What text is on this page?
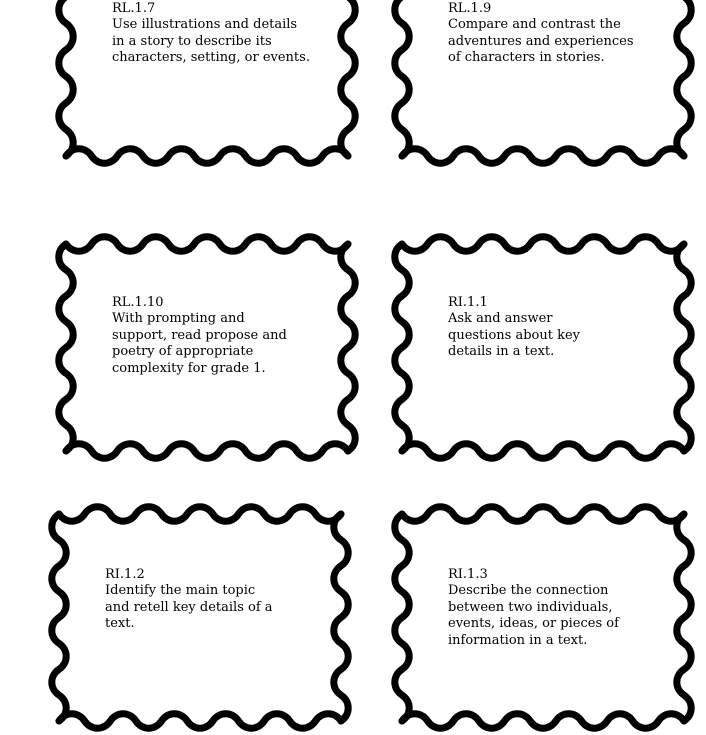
RL.1.7
Use illustrations and details in a story to describe its characters, setting, or events.
RL.1.9
Compare and contrast the adventures and experiences of characters in stories.
RL.1.10
With prompting and support, read propose and poetry of appropriate complexity for grade 1.
RI.1.1
Ask and answer questions about key details in a text.
RI.1.2
Identify the main topic and retell key details of a text.
RI.1.3
Describe the connection between two individuals, events, ideas, or pieces of information in a text.
